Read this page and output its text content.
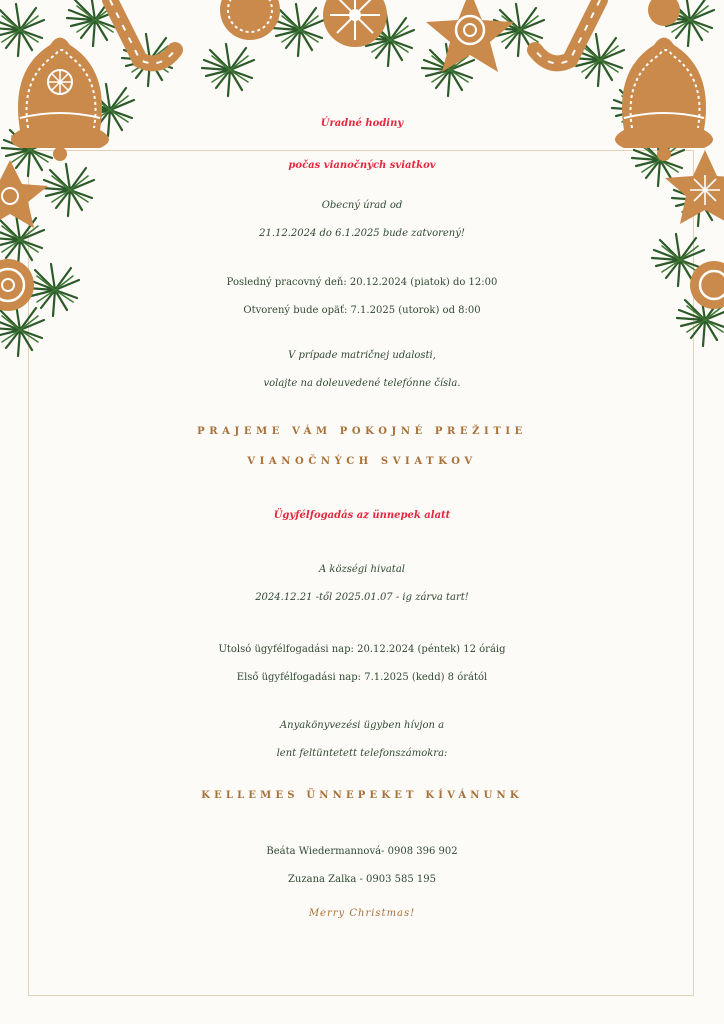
Úradné hodiny
počas vianočných sviatkov
Obecný úrad od
21.12.2024 do 6.1.2025 bude zatvorený!
Posledný pracovný deň: 20.12.2024 (piatok) do 12:00
Otvorený bude opäť: 7.1.2025 (utorok) od 8:00
V prípade matričnej udalosti,
volajte na doleuvedené telefónne čísla.
PRAJEME VÁM POKOJNÉ PREŽITIE
VIANOČNÝCH SVIATKOV
Ügyfélfogadás az ünnepek alatt
A községi hivatal
2024.12.21 -től 2025.01.07 - ig zárva tart!
Utolsó ügyfélfogadási nap: 20.12.2024 (péntek) 12 óráig
Első ügyfélfogadási nap: 7.1.2025 (kedd) 8 órától
Anyakönyvezési ügyben hívjon a
lent feltüntetett telefonszámokra:
KELLEMES ÜNNEPEKET KÍVÁNUNK
Beáta Wiedermannová- 0908 396 902
Zuzana Zalka - 0903 585 195
Merry Christmas!
